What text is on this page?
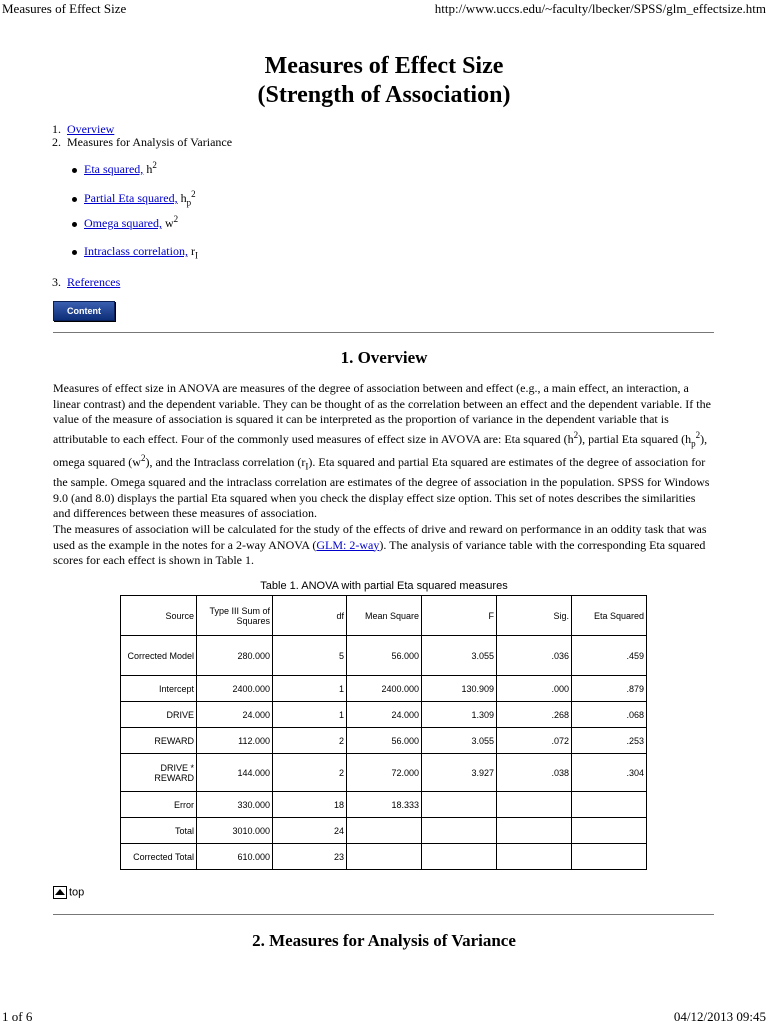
Measures of Effect Size	http://www.uccs.edu/~faculty/lbecker/SPSS/glm_effectsize.htm
Measures of Effect Size
(Strength of Association)
1. Overview
2. Measures for Analysis of Variance
3. References
Eta squared, $h^2$
Partial Eta squared, $h_p^2$
Omega squared, $w^2$
Intraclass correlation, $r_I$
Content
1. Overview
Measures of effect size in ANOVA are measures of the degree of association between and effect (e.g., a main effect, an interaction, a linear contrast) and the dependent variable. They can be thought of as the correlation between an effect and the dependent variable. If the value of the measure of association is squared it can be interpreted as the proportion of variance in the dependent variable that is attributable to each effect. Four of the commonly used measures of effect size in AVOVA are: Eta squared $(h^2)$, partial Eta squared $(h_p^2)$, omega squared $(w^2)$, and the Intraclass correlation $(r_I)$. Eta squared and partial Eta squared are estimates of the degree of association for the sample. Omega squared and the intraclass correlation are estimates of the degree of association in the population. SPSS for Windows 9.0 (and 8.0) displays the partial Eta squared when you check the display effect size option. This set of notes describes the similarities and differences between these measures of association.
The measures of association will be calculated for the study of the effects of drive and reward on performance in an oddity task that was used as the example in the notes for a 2-way ANOVA (GLM: 2-way). The analysis of variance table with the corresponding Eta squared scores for each effect is shown in Table 1.
Table 1. ANOVA with partial Eta squared measures
Source	Type III Sum of Squares	df	Mean Square	F	Sig.	Eta Squared
Corrected Model	280.000	5	56.000	3.055	.036	.459
Intercept	2400.000	1	2400.000	130.909	.000	.879
DRIVE	24.000	1	24.000	1.309	.268	.068
REWARD	112.000	2	56.000	3.055	.072	.253
DRIVE * REWARD	144.000	2	72.000	3.927	.038	.304
Error	330.000	18	18.333			
Total	3010.000	24				
Corrected Total	610.000	23				
top
2. Measures for Analysis of Variance
1 of 6	04/12/2013 09:45
